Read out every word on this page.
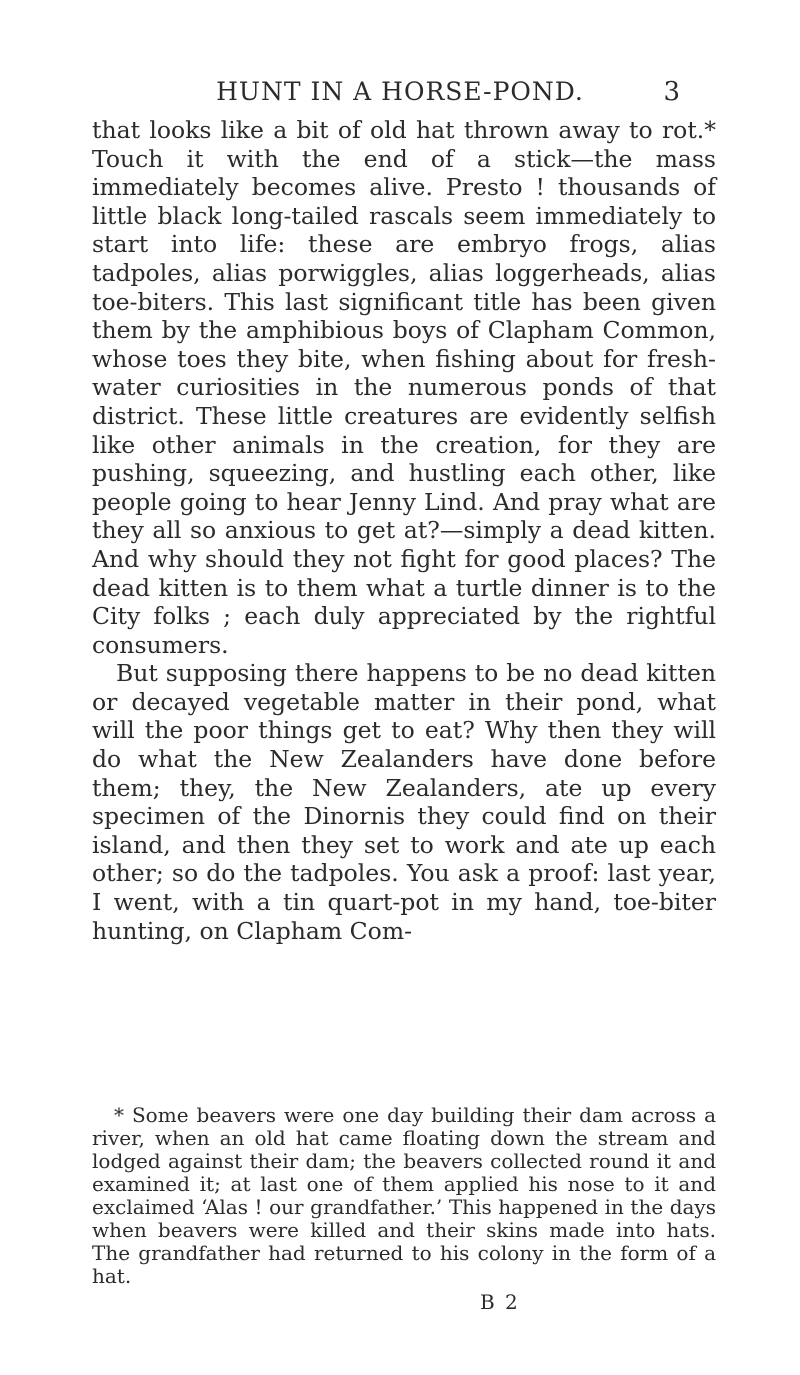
HUNT IN A HORSE-POND.	3

that looks like a bit of old hat thrown away to rot.* Touch it with the end of a stick—the mass immediately becomes alive. Presto ! thousands of little black long-tailed rascals seem immediately to start into life: these are embryo frogs, alias tadpoles, alias porwiggles, alias loggerheads, alias toe-biters. This last significant title has been given them by the amphibious boys of Clapham Common, whose toes they bite, when fishing about for fresh-water curiosities in the numerous ponds of that district. These little creatures are evidently selfish like other animals in the creation, for they are pushing, squeezing, and hustling each other, like people going to hear Jenny Lind. And pray what are they all so anxious to get at?—simply a dead kitten. And why should they not fight for good places? The dead kitten is to them what a turtle dinner is to the City folks ; each duly appreciated by the rightful consumers.

But supposing there happens to be no dead kitten or decayed vegetable matter in their pond, what will the poor things get to eat? Why then they will do what the New Zealanders have done before them; they, the New Zealanders, ate up every specimen of the Dinornis they could find on their island, and then they set to work and ate up each other; so do the tadpoles. You ask a proof: last year, I went, with a tin quart-pot in my hand, toe-biter hunting, on Clapham Com-

* Some beavers were one day building their dam across a river, when an old hat came floating down the stream and lodged against their dam; the beavers collected round it and examined it; at last one of them applied his nose to it and exclaimed ‘Alas ! our grandfather.’ This happened in the days when beavers were killed and their skins made into hats. The grandfather had returned to his colony in the form of a hat.
B 2
